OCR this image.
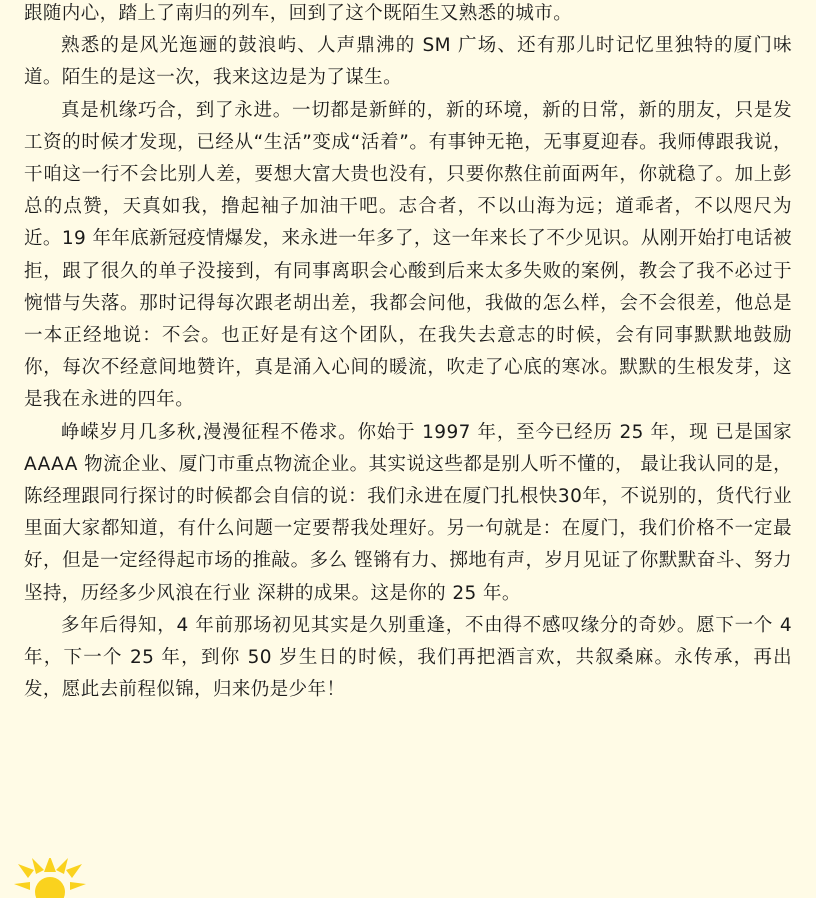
跟随内心，踏上了南归的列车，回到了这个既陌生又熟悉的城市。

熟悉的是风光迤逦的鼓浪屿、人声鼎沸的 SM 广场、还有那儿时记忆里独特的厦门味道。陌生的是这一次，我来这边是为了谋生。

真是机缘巧合，到了永进。一切都是新鲜的，新的环境，新的日常，新的朋友，只是发工资的时候才发现，已经从“生活”变成“活着”。有事钟无艳，无事夏迎春。我师傅跟我说，干咱这一行不会比别人差，要想大富大贵也没有，只要你熬住前面两年，你就稳了。加上彭总的点赞，天真如我，撸起袖子加油干吧。志合者，不以山海为远；道乖者，不以咫尺为近。19 年年底新冠疫情爆发，来永进一年多了，这一年来长了不少见识。从刚开始打电话被拒，跟了很久的单子没接到，有同事离职会心酸到后来太多失败的案例，教会了我不必过于惋惜与失落。那时记得每次跟老胡出差，我都会问他，我做的怎么样，会不会很差，他总是一本正经地说：不会。也正好是有这个团队，在我失去意志的时候，会有同事默默地鼓励你，每次不经意间地赞许，真是涌入心间的暖流，吹走了心底的寒冰。默默的生根发芽，这是我在永进的四年。

峥嵘岁月几多秋,漫漫征程不倦求。你始于 1997 年，至今已经历 25 年，现 已是国家 AAAA 物流企业、厦门市重点物流企业。其实说这些都是别人听不懂的， 最让我认同的是，陈经理跟同行探讨的时候都会自信的说：我们永进在厦门扎根快30年，不说别的，货代行业里面大家都知道，有什么问题一定要帮我处理好。另一句就是：在厦门，我们价格不一定最好，但是一定经得起市场的推敲。多么 铿锵有力、掷地有声，岁月见证了你默默奋斗、努力坚持，历经多少风浪在行业 深耕的成果。这是你的 25 年。

多年后得知，4 年前那场初见其实是久别重逢，不由得不感叹缘分的奇妙。愿下一个 4 年，下一个 25 年，到你 50 岁生日的时候，我们再把酒言欢，共叙桑麻。永传承，再出发，愿此去前程似锦，归来仍是少年！
